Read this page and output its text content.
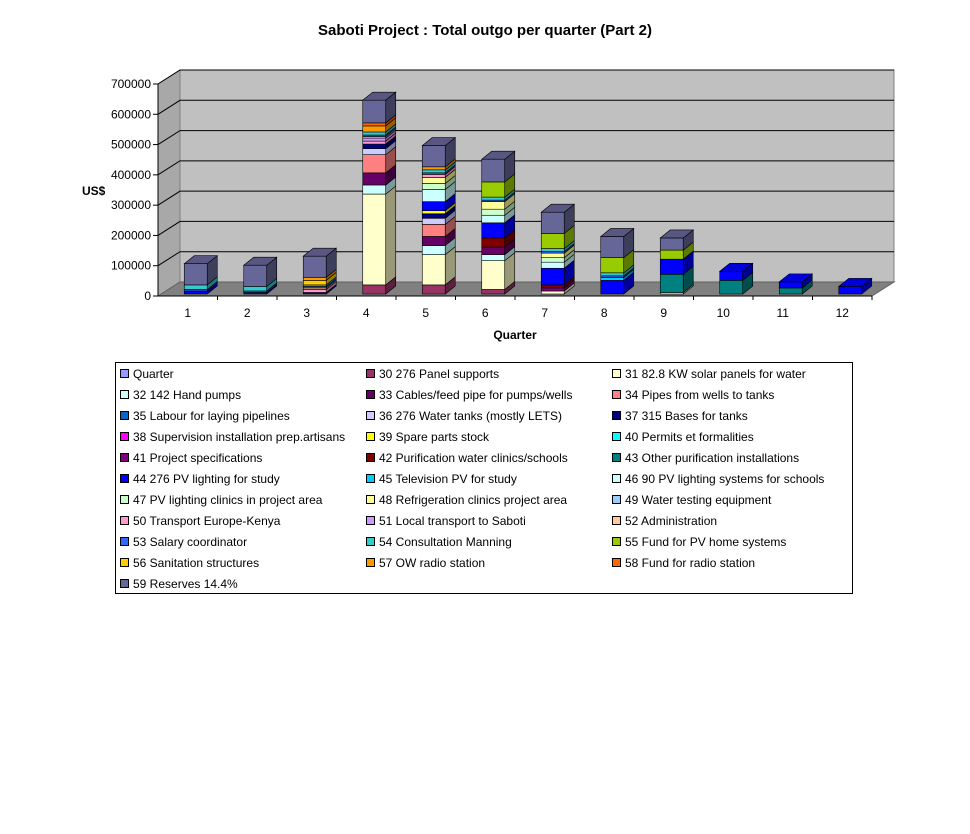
Saboti Project : Total outgo per quarter (Part 2)
0
100000
200000
300000
400000
500000
600000
700000
US$
Quarter
1	2	3	4	5	6	7	8	9	10	11	12
Quarter	30 276 Panel supports	31 82.8 KW solar panels for water
32 142 Hand pumps	33 Cables/feed pipe for pumps/wells	34 Pipes from wells to tanks
35 Labour for laying pipelines	36 276 Water tanks (mostly LETS)	37 315 Bases for tanks
38 Supervision installation prep.artisans	39 Spare parts stock	40 Permits et formalities
41 Project specifications	42 Purification water clinics/schools	43 Other purification installations
44 276 PV lighting for study	45 Television PV for study	46 90 PV lighting systems for schools
47 PV lighting clinics in project area	48 Refrigeration clinics project area	49 Water testing equipment
50 Transport Europe-Kenya	51 Local transport to Saboti	52 Administration
53 Salary coordinator	54 Consultation Manning	55 Fund for PV home systems
56 Sanitation structures	57 OW radio station	58 Fund for radio station
59 Reserves 14.4%
